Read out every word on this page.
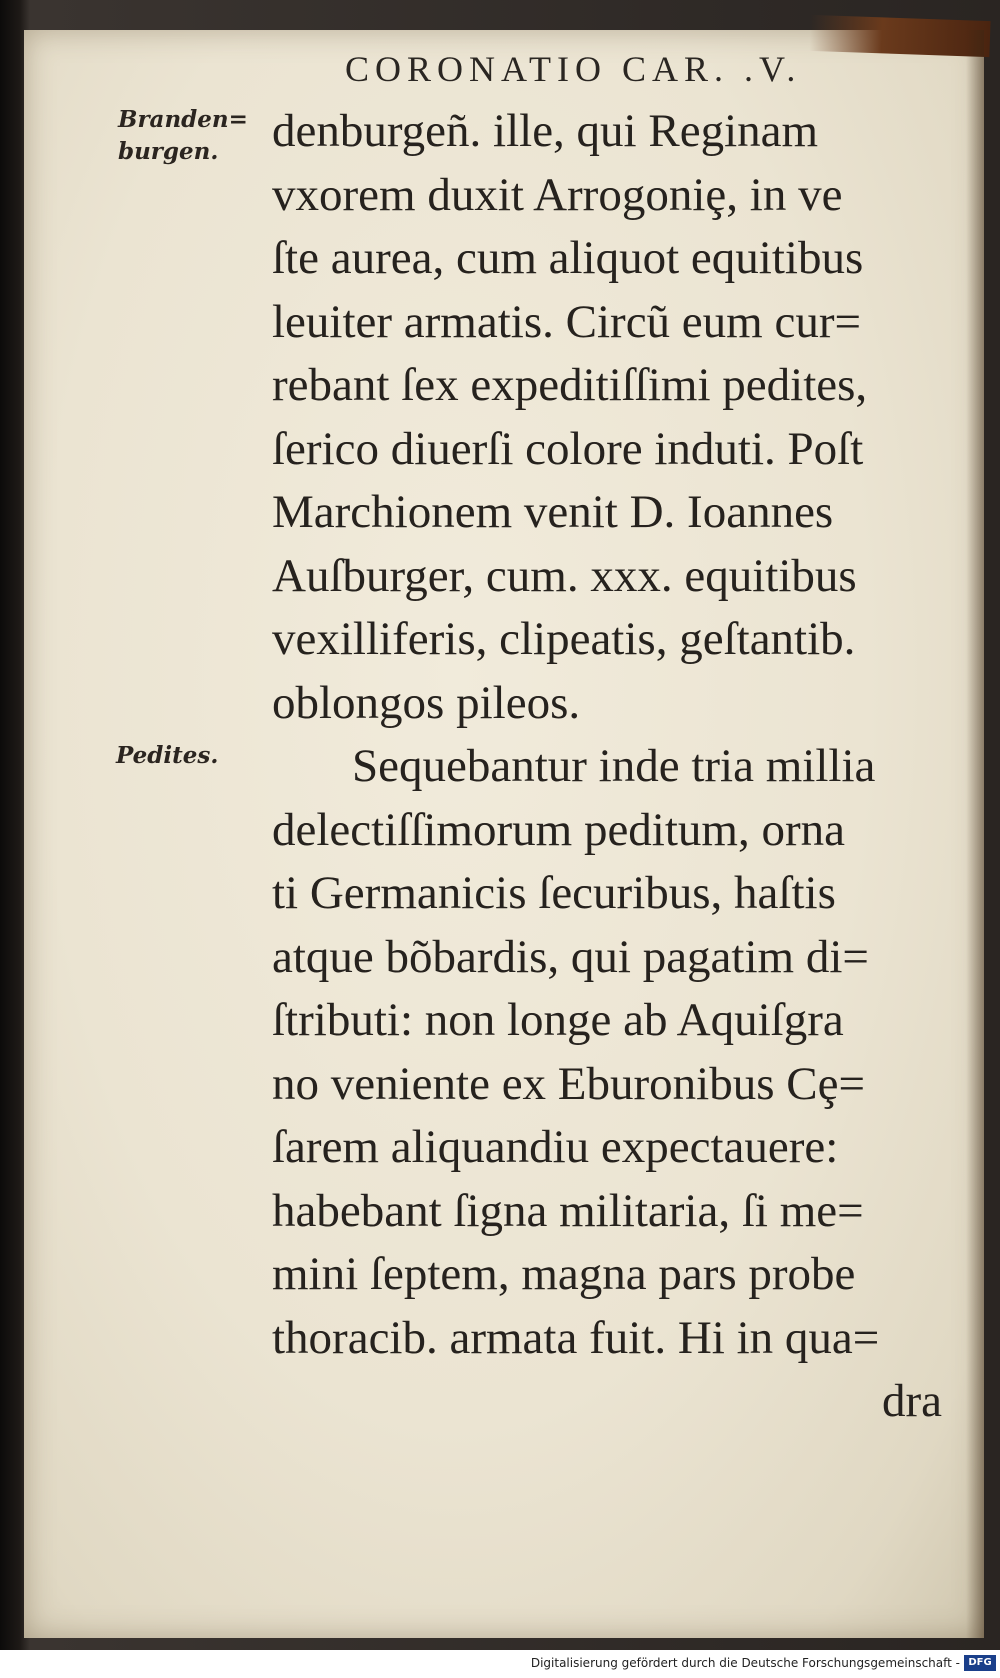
CORONATIO CAR. .V.
Branden=
burgen.
Pedites.
denburgeñ. ille, qui Reginam
vxorem duxit Arrogoniȩ, in ve
ſte aurea, cum aliquot equitibus
leuiter armatis. Circũ eum cur=
rebant ſex expeditiſſimi pedites,
ſerico diuerſi colore induti. Poſt
Marchionem venit D. Ioannes
Auſburger, cum. xxx. equitibus
vexilliferis, clipeatis, geſtantib.
oblongos pileos.
Sequebantur inde tria millia
delectiſſimorum peditum, orna
ti Germanicis ſecuribus, haſtis
atque bõbardis, qui pagatim di=
ſtributi: non longe ab Aquiſgra
no veniente ex Eburonibus Cȩ=
ſarem aliquandiu expectauere:
habebant ſigna militaria, ſi me=
mini ſeptem, magna pars probe
thoracib. armata fuit. Hi in qua=
dra
Digitalisierung gefördert durch die Deutsche Forschungsgemeinschaft - DFG
